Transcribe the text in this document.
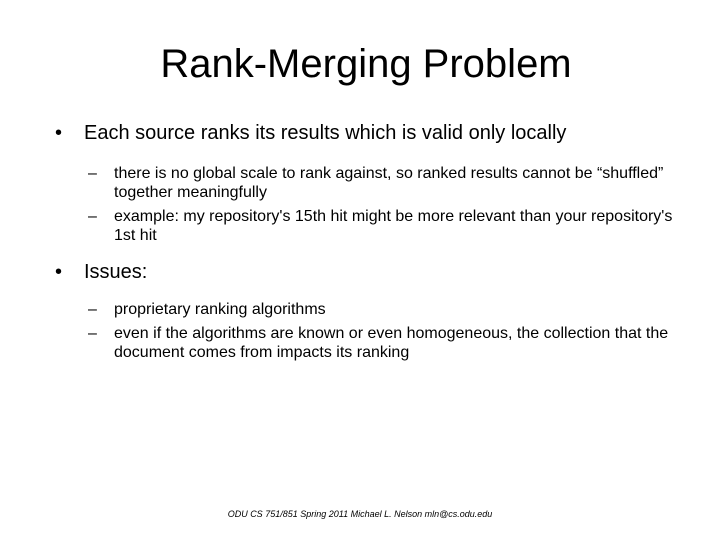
Rank-Merging Problem

• Each source ranks its results which is valid only locally

– there is no global scale to rank against, so ranked results cannot be “shuffled” together meaningfully

– example: my repository's 15th hit might be more relevant than your repository's 1st hit

• Issues:

– proprietary ranking algorithms

– even if the algorithms are known or even homogeneous, the collection that the document comes from impacts its ranking

ODU CS 751/851 Spring 2011 Michael L. Nelson mln@cs.odu.edu
